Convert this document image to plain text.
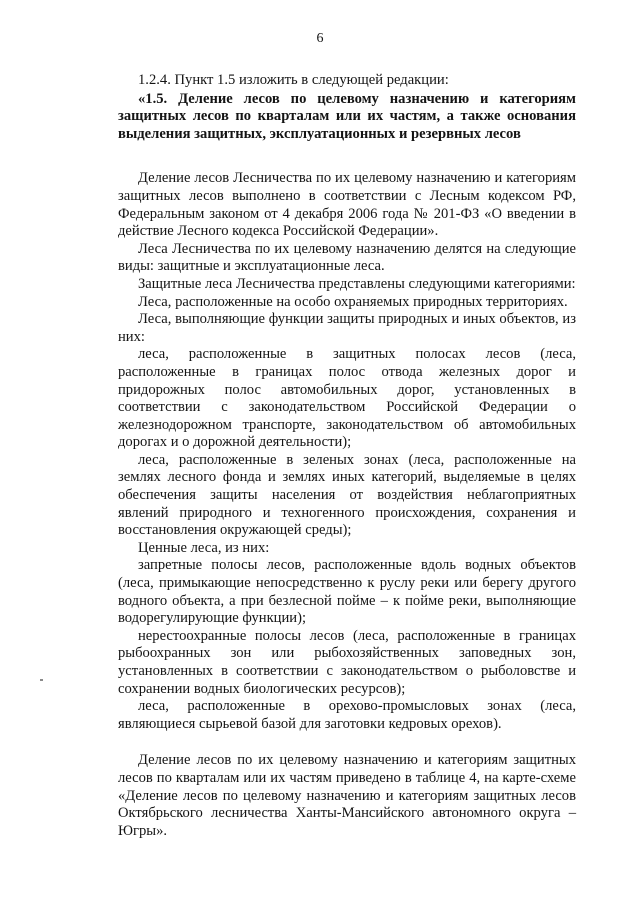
6

1.2.4. Пункт 1.5 изложить в следующей редакции:

«1.5. Деление лесов по целевому назначению и категориям защитных лесов по кварталам или их частям, а также основания выделения защитных, эксплуатационных и резервных лесов

Деление лесов Лесничества по их целевому назначению и категориям защитных лесов выполнено в соответствии с Лесным кодексом РФ, Федеральным законом от 4 декабря 2006 года № 201-ФЗ «О введении в действие Лесного кодекса Российской Федерации».

Леса Лесничества по их целевому назначению делятся на следующие виды: защитные и эксплуатационные леса.

Защитные леса Лесничества представлены следующими категориями:

Леса, расположенные на особо охраняемых природных территориях.

Леса, выполняющие функции защиты природных и иных объектов, из них:

леса, расположенные в защитных полосах лесов (леса, расположенные в границах полос отвода железных дорог и придорожных полос автомобильных дорог, установленных в соответствии с законодательством Российской Федерации о железнодорожном транспорте, законодательством об автомобильных дорогах и о дорожной деятельности);

леса, расположенные в зеленых зонах (леса, расположенные на землях лесного фонда и землях иных категорий, выделяемые в целях обеспечения защиты населения от воздействия неблагоприятных явлений природного и техногенного происхождения, сохранения и восстановления окружающей среды);

Ценные леса, из них:

запретные полосы лесов, расположенные вдоль водных объектов (леса, примыкающие непосредственно к руслу реки или берегу другого водного объекта, а при безлесной пойме – к пойме реки, выполняющие водорегулирующие функции);

нерестоохранные полосы лесов (леса, расположенные в границах рыбоохранных зон или рыбохозяйственных заповедных зон, установленных в соответствии с законодательством о рыболовстве и сохранении водных биологических ресурсов);

леса, расположенные в орехово-промысловых зонах (леса, являющиеся сырьевой базой для заготовки кедровых орехов).

Деление лесов по их целевому назначению и категориям защитных лесов по кварталам или их частям приведено в таблице 4, на карте-схеме «Деление лесов по целевому назначению и категориям защитных лесов Октябрьского лесничества Ханты-Мансийского автономного округа – Югры».
